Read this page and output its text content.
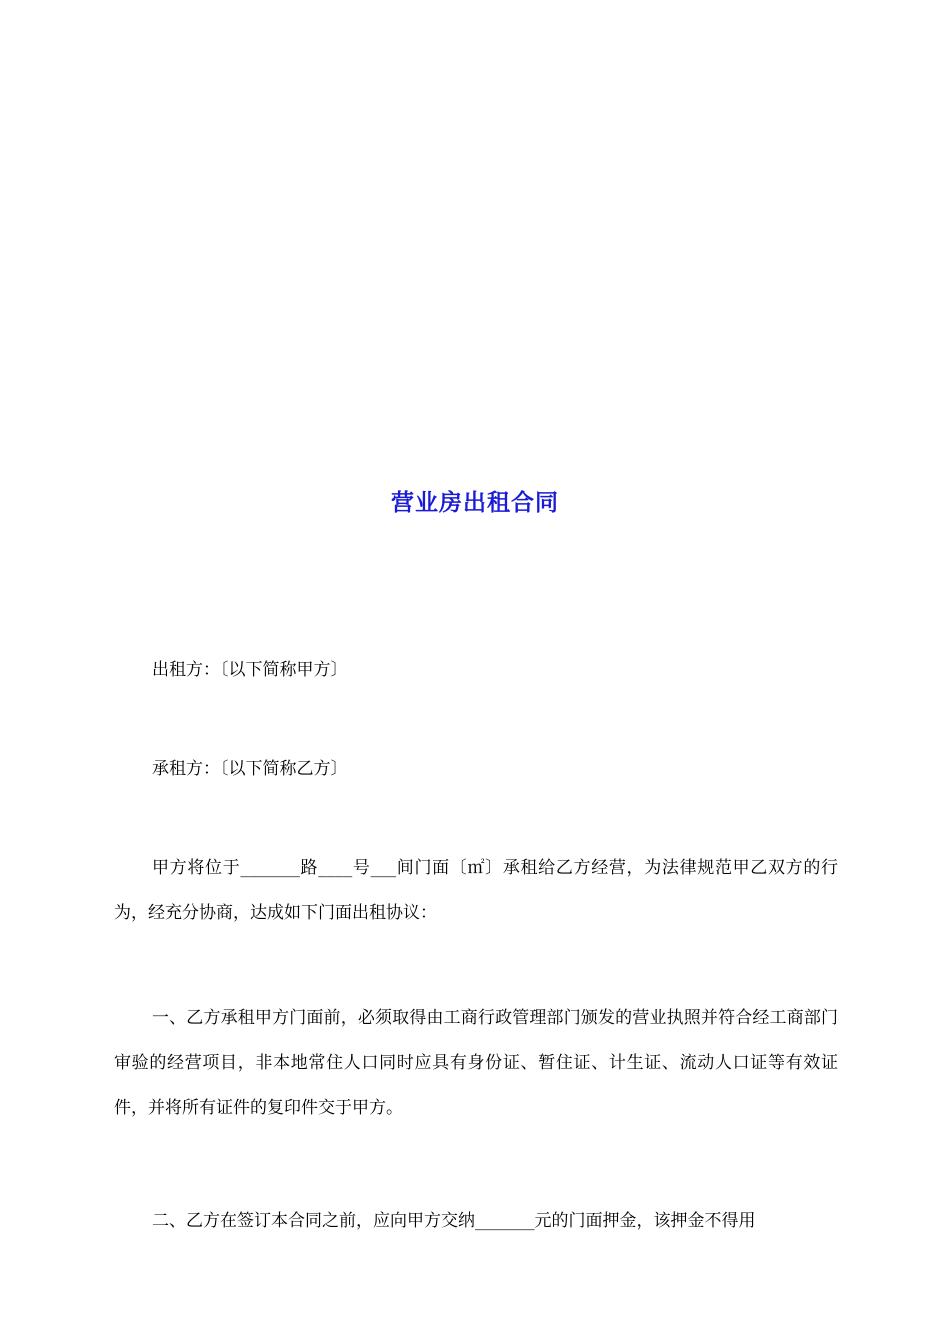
营业房出租合同
出租方：〔以下简称甲方〕
承租方：〔以下简称乙方〕
甲方将位于_______路____号___间门面〔㎡〕承租给乙方经营，为法律规范甲乙双方的行为，经充分协商，达成如下门面出租协议：
一、乙方承租甲方门面前，必须取得由工商行政管理部门颁发的营业执照并符合经工商部门审验的经营项目，非本地常住人口同时应具有身份证、暂住证、计生证、流动人口证等有效证件，并将所有证件的复印件交于甲方。
二、乙方在签订本合同之前，应向甲方交纳_______元的门面押金，该押金不得用
